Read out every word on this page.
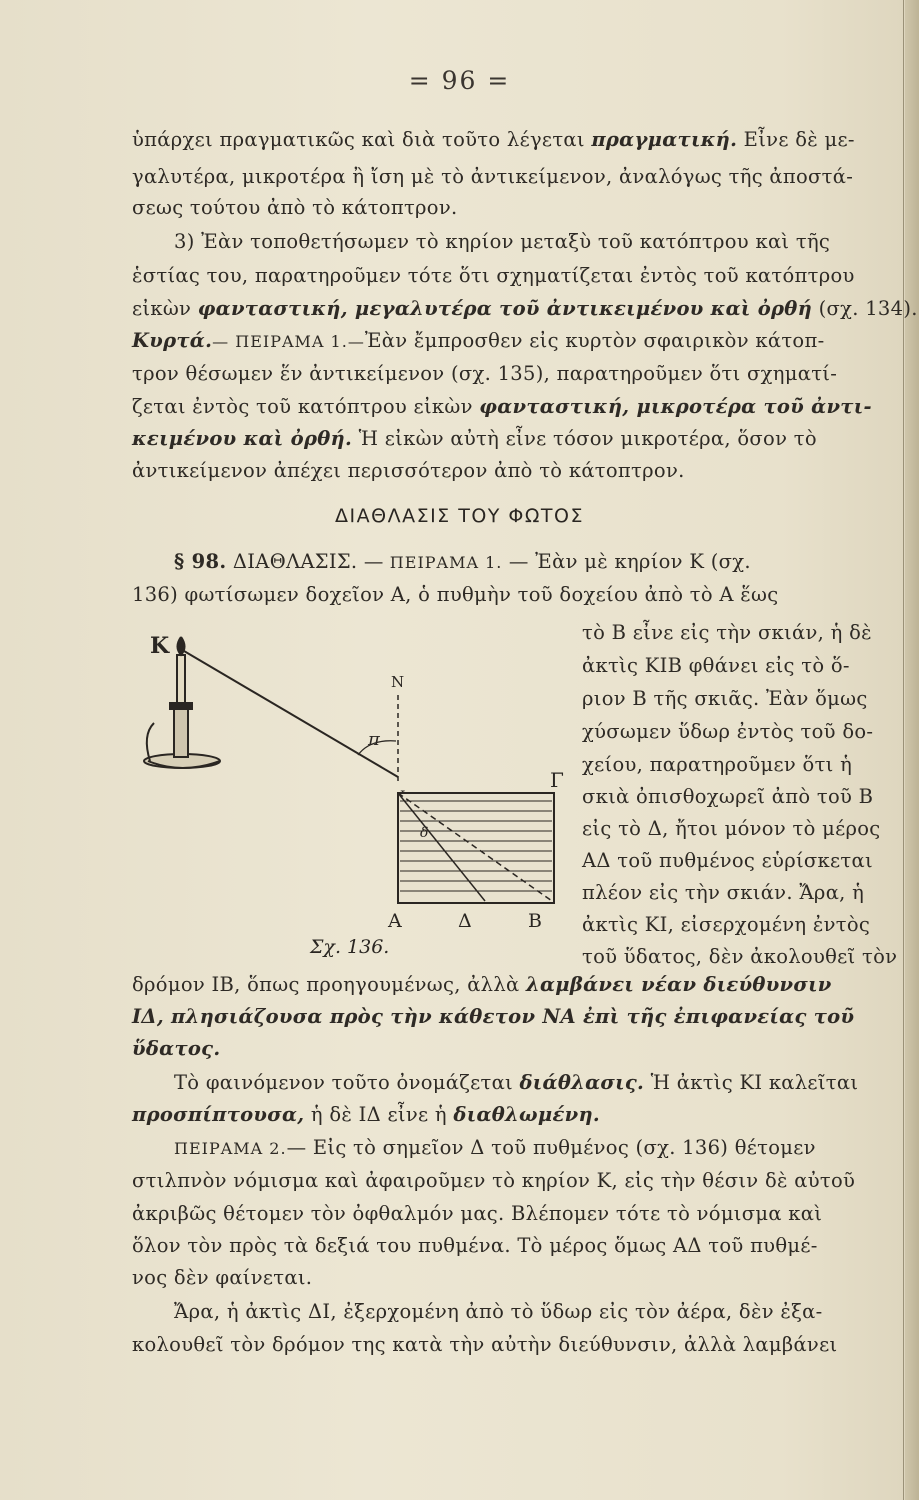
= 96 =
ὑπάρχει πραγματικῶς καὶ διὰ τοῦτο λέγεται πραγματική. Εἶνε δὲ με-
γαλυτέρα, μικροτέρα ἢ ἴση μὲ τὸ ἀντικείμενον, ἀναλόγως τῆς ἀποστά-
σεως τούτου ἀπὸ τὸ κάτοπτρον.
3) Ἐὰν τοποθετήσωμεν τὸ κηρίον μεταξὺ τοῦ κατόπτρου καὶ τῆς
ἑστίας του, παρατηροῦμεν τότε ὅτι σχηματίζεται ἐντὸς τοῦ κατόπτρου
εἰκὼν φανταστική, μεγαλυτέρα τοῦ ἀντικειμένου καὶ ὀρθή (σχ. 134).
Κυρτά.— ΠΕΙΡΑΜΑ 1.—Ἐὰν ἔμπροσθεν εἰς κυρτὸν σφαιρικὸν κάτοπ-
τρον θέσωμεν ἕν ἀντικείμενον (σχ. 135), παρατηροῦμεν ὅτι σχηματί-
ζεται ἐντὸς τοῦ κατόπτρου εἰκὼν φανταστική, μικροτέρα τοῦ ἀντι-
κειμένου καὶ ὀρθή. Ἡ εἰκὼν αὐτὴ εἶνε τόσον μικροτέρα, ὅσον τὸ
ἀντικείμενον ἀπέχει περισσότερον ἀπὸ τὸ κάτοπτρον.
ΔΙΑΘΛΑΣΙΣ ΤΟΥ ΦΩΤΟΣ
§ 98. ΔΙΑΘΛΑΣΙΣ. — ΠΕΙΡΑΜΑ 1. — Ἐὰν μὲ κηρίον Κ (σχ.
136) φωτίσωμεν δοχεῖον Α, ὁ πυθμὴν τοῦ δοχείου ἀπὸ τὸ Α ἕως
τὸ Β εἶνε εἰς τὴν σκιάν, ἡ δὲ
ἀκτὶς ΚΙΒ φθάνει εἰς τὸ ὅ-
ριον Β τῆς σκιᾶς. Ἐὰν ὅμως
χύσωμεν ὕδωρ ἐντὸς τοῦ δο-
χείου, παρατηροῦμεν ὅτι ἡ
σκιὰ ὀπισθοχωρεῖ ἀπὸ τοῦ Β
εἰς τὸ Δ, ἤτοι μόνον τὸ μέρος
ΑΔ τοῦ πυθμένος εὑρίσκεται
πλέον εἰς τὴν σκιάν. Ἄρα, ἡ
ἀκτὶς ΚΙ, εἰσερχομένη ἐντὸς
τοῦ ὕδατος, δὲν ἀκολουθεῖ τὸν
Κ
Ν
π
δ
Γ
Α	Δ	Β
Σχ. 136.
δρόμον ΙΒ, ὅπως προηγουμένως, ἀλλὰ λαμβάνει νέαν διεύθυνσιν
ΙΔ, πλησιάζουσα πρὸς τὴν κάθετον ΝΑ ἐπὶ τῆς ἐπιφανείας τοῦ
ὕδατος.
Τὸ φαινόμενον τοῦτο ὀνομάζεται διάθλασις. Ἡ ἀκτὶς ΚΙ καλεῖται
προσπίπτουσα, ἡ δὲ ΙΔ εἶνε ἡ διαθλωμένη.
ΠΕΙΡΑΜΑ 2.— Εἰς τὸ σημεῖον Δ τοῦ πυθμένος (σχ. 136) θέτομεν
στιλπνὸν νόμισμα καὶ ἀφαιροῦμεν τὸ κηρίον Κ, εἰς τὴν θέσιν δὲ αὐτοῦ
ἀκριβῶς θέτομεν τὸν ὀφθαλμόν μας. Βλέπομεν τότε τὸ νόμισμα καὶ
ὅλον τὸν πρὸς τὰ δεξιά του πυθμένα. Τὸ μέρος ὅμως ΑΔ τοῦ πυθμέ-
νος δὲν φαίνεται.
Ἄρα, ἡ ἀκτὶς ΔΙ, ἐξερχομένη ἀπὸ τὸ ὕδωρ εἰς τὸν ἀέρα, δὲν ἐξα-
κολουθεῖ τὸν δρόμον της κατὰ τὴν αὐτὴν διεύθυνσιν, ἀλλὰ λαμβάνει
